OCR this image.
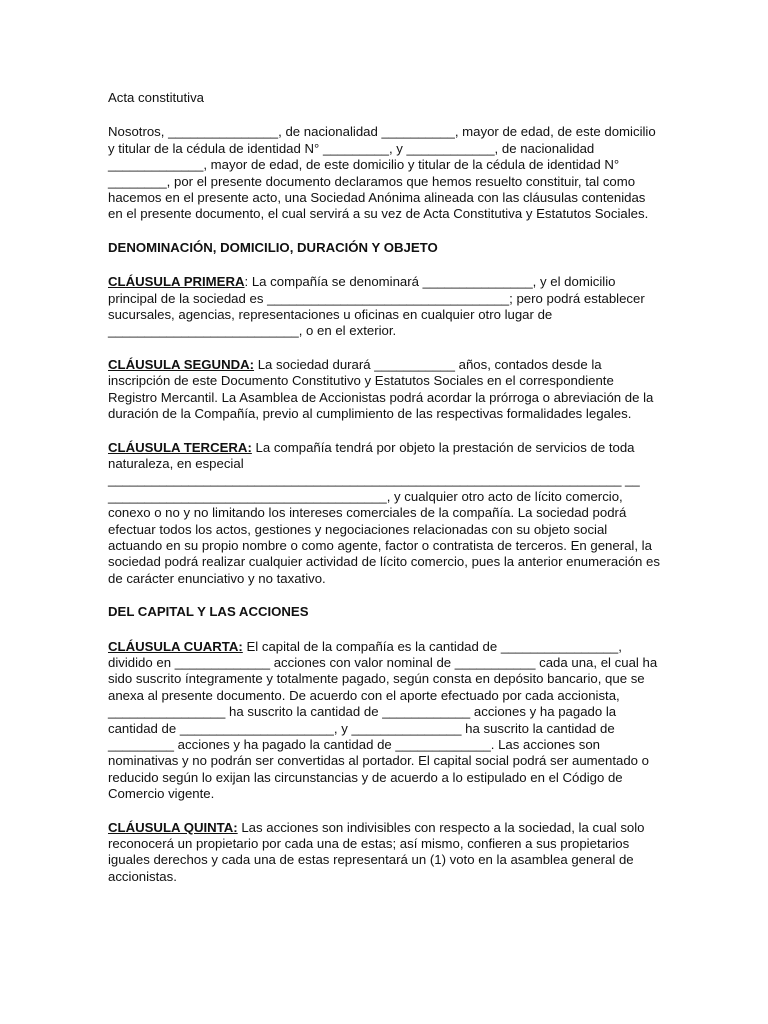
Acta constitutiva

Nosotros, _______________, de nacionalidad __________, mayor de edad, de este domicilio y titular de la cédula de identidad N° _________, y ____________, de nacionalidad _____________, mayor de edad, de este domicilio y titular de la cédula de identidad N° ________, por el presente documento declaramos que hemos resuelto constituir, tal como hacemos en el presente acto, una Sociedad Anónima alineada con las cláusulas contenidas en el presente documento, el cual servirá a su vez de Acta Constitutiva y Estatutos Sociales.

DENOMINACIÓN, DOMICILIO, DURACIÓN Y OBJETO

CLÁUSULA PRIMERA: La compañía se denominará _______________, y el domicilio principal de la sociedad es _________________________________; pero podrá establecer sucursales, agencias, representaciones u oficinas en cualquier otro lugar de __________________________, o en el exterior.

CLÁUSULA SEGUNDA: La sociedad durará ___________ años, contados desde la inscripción de este Documento Constitutivo y Estatutos Sociales en el correspondiente Registro Mercantil. La Asamblea de Accionistas podrá acordar la prórroga o abreviación de la duración de la Compañía, previo al cumplimiento de las respectivas formalidades legales.

CLÁUSULA TERCERA: La compañía tendrá por objeto la prestación de servicios de toda naturaleza, en especial ______________________________________________________________________ __ ______________________________________, y cualquier otro acto de lícito comercio, conexo o no y no limitando los intereses comerciales de la compañía. La sociedad podrá efectuar todos los actos, gestiones y negociaciones relacionadas con su objeto social actuando en su propio nombre o como agente, factor o contratista de terceros. En general, la sociedad podrá realizar cualquier actividad de lícito comercio, pues la anterior enumeración es de carácter enunciativo y no taxativo.

DEL CAPITAL Y LAS ACCIONES

CLÁUSULA CUARTA: El capital de la compañía es la cantidad de ________________, dividido en _____________ acciones con valor nominal de ___________ cada una, el cual ha sido suscrito íntegramente y totalmente pagado, según consta en depósito bancario, que se anexa al presente documento. De acuerdo con el aporte efectuado por cada accionista, ________________ ha suscrito la cantidad de ____________ acciones y ha pagado la cantidad de _____________________, y _______________ ha suscrito la cantidad de _________ acciones y ha pagado la cantidad de _____________. Las acciones son nominativas y no podrán ser convertidas al portador. El capital social podrá ser aumentado o reducido según lo exijan las circunstancias y de acuerdo a lo estipulado en el Código de Comercio vigente.

CLÁUSULA QUINTA: Las acciones son indivisibles con respecto a la sociedad, la cual solo reconocerá un propietario por cada una de estas; así mismo, confieren a sus propietarios iguales derechos y cada una de estas representará un (1) voto en la asamblea general de accionistas.
